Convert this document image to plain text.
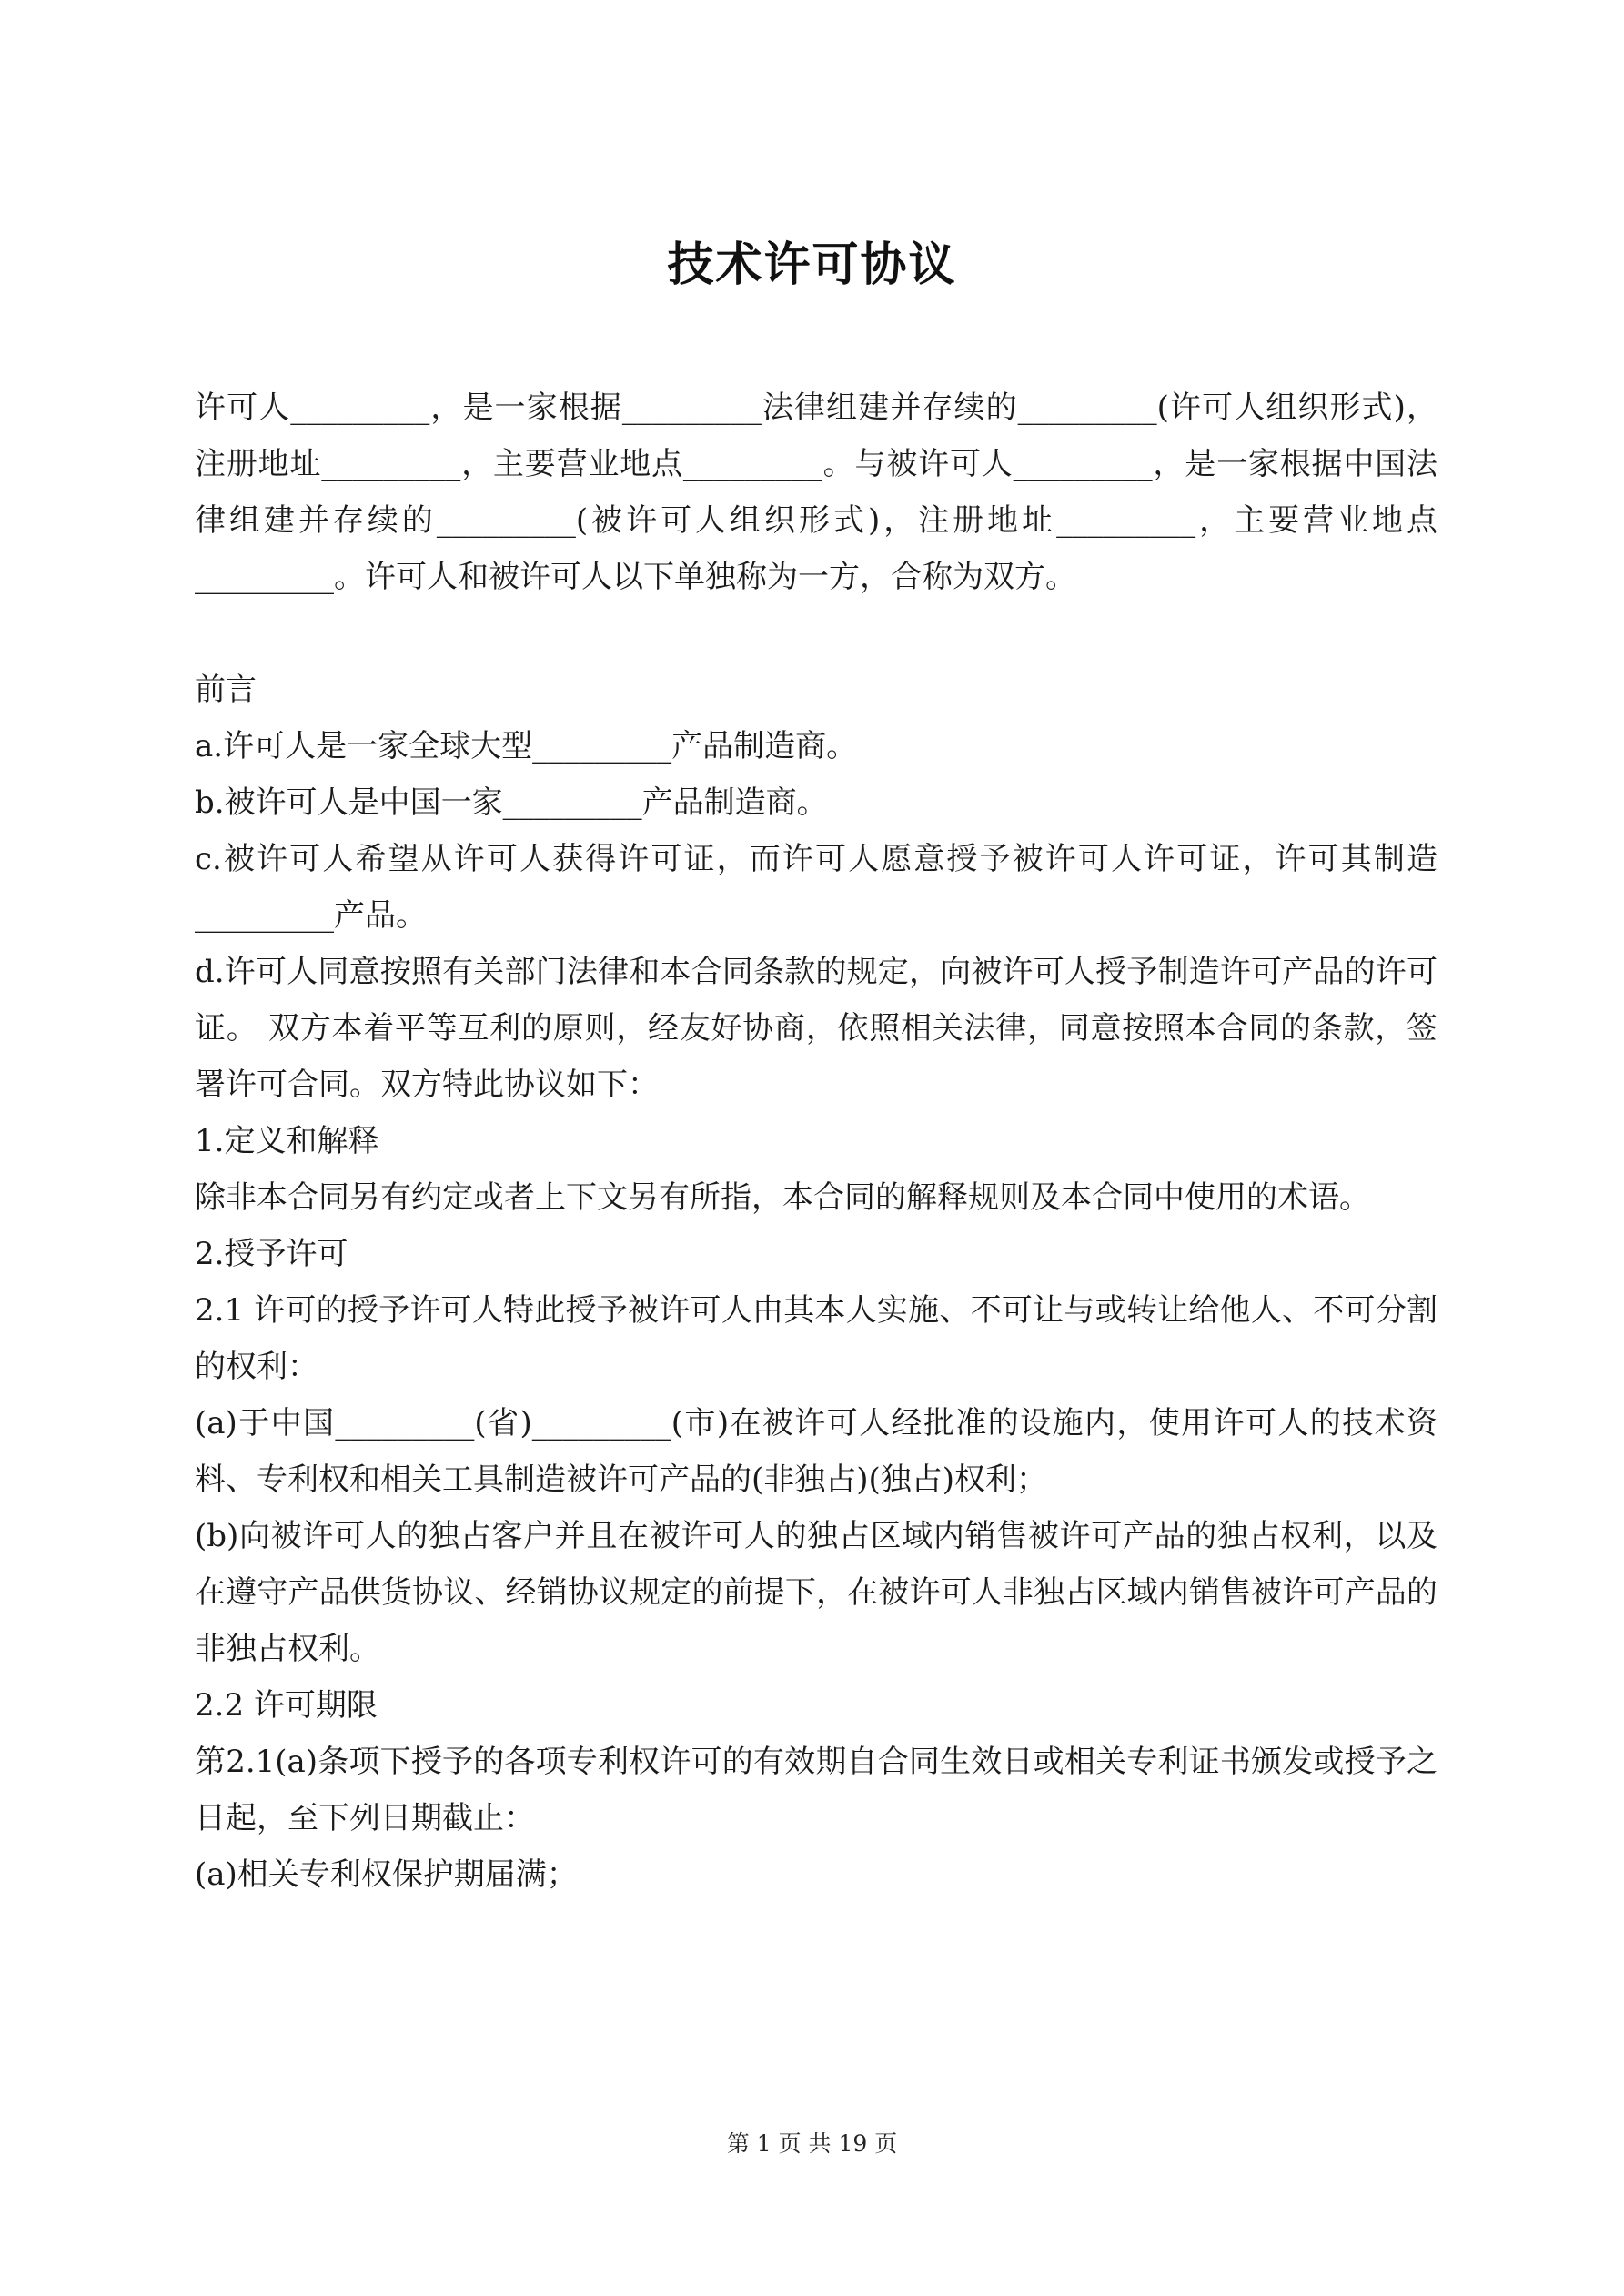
技术许可协议

许可人_________，是一家根据_________法律组建并存续的_________(许可人组织形式)，注册地址_________，主要营业地点_________。与被许可人_________，是一家根据中国法律组建并存续的_________(被许可人组织形式)，注册地址_________，主要营业地点_________。许可人和被许可人以下单独称为一方，合称为双方。

前言

a.许可人是一家全球大型_________产品制造商。

b.被许可人是中国一家_________产品制造商。

c.被许可人希望从许可人获得许可证，而许可人愿意授予被许可人许可证，许可其制造_________产品。

d.许可人同意按照有关部门法律和本合同条款的规定，向被许可人授予制造许可产品的许可证。 双方本着平等互利的原则，经友好协商，依照相关法律，同意按照本合同的条款，签署许可合同。双方特此协议如下：

1.定义和解释

除非本合同另有约定或者上下文另有所指，本合同的解释规则及本合同中使用的术语。

2.授予许可

2.1 许可的授予许可人特此授予被许可人由其本人实施、不可让与或转让给他人、不可分割的权利：

(a)于中国_________(省)_________(市)在被许可人经批准的设施内，使用许可人的技术资料、专利权和相关工具制造被许可产品的(非独占)(独占)权利；

(b)向被许可人的独占客户并且在被许可人的独占区域内销售被许可产品的独占权利，以及在遵守产品供货协议、经销协议规定的前提下，在被许可人非独占区域内销售被许可产品的非独占权利。

2.2 许可期限

第2.1(a)条项下授予的各项专利权许可的有效期自合同生效日或相关专利证书颁发或授予之日起，至下列日期截止：

(a)相关专利权保护期届满；

第 1 页 共 19 页
